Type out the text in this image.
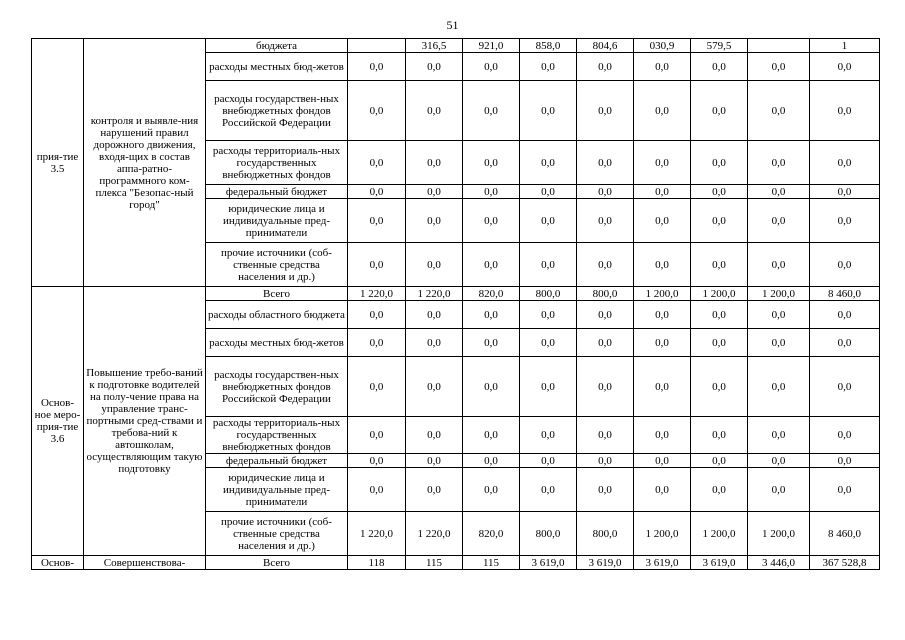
51
прия-тие 3.5	контроля и выявле-ния нарушений правил дорожного движения, входя-щих в состав аппа-ратно-программного ком-плекса "Безопас-ный город"	бюджета		316,5	921,0	858,0	804,6	030,9	579,5		1
		расходы местных бюд-жетов	0,0	0,0	0,0	0,0	0,0	0,0	0,0	0,0	0,0
		расходы государствен-ных внебюджетных фондов Российской Федерации	0,0	0,0	0,0	0,0	0,0	0,0	0,0	0,0	0,0
		расходы территориаль-ных государственных внебюджетных фондов	0,0	0,0	0,0	0,0	0,0	0,0	0,0	0,0	0,0
		федеральный бюджет	0,0	0,0	0,0	0,0	0,0	0,0	0,0	0,0	0,0
		юридические лица и индивидуальные пред-приниматели	0,0	0,0	0,0	0,0	0,0	0,0	0,0	0,0	0,0
		прочие источники (соб-ственные средства населения и др.)	0,0	0,0	0,0	0,0	0,0	0,0	0,0	0,0	0,0
Основ-ное меро-прия-тие 3.6	Повышение требо-ваний к подготовке водителей на полу-чение права на управление транс-портными сред-ствами и требова-ний к автошколам, осуществляющим такую подготовку	Всего	1 220,0	1 220,0	820,0	800,0	800,0	1 200,0	1 200,0	1 200,0	8 460,0
		расходы областного бюджета	0,0	0,0	0,0	0,0	0,0	0,0	0,0	0,0	0,0
		расходы местных бюд-жетов	0,0	0,0	0,0	0,0	0,0	0,0	0,0	0,0	0,0
		расходы государствен-ных внебюджетных фондов Российской Федерации	0,0	0,0	0,0	0,0	0,0	0,0	0,0	0,0	0,0
		расходы территориаль-ных государственных внебюджетных фондов	0,0	0,0	0,0	0,0	0,0	0,0	0,0	0,0	0,0
		федеральный бюджет	0,0	0,0	0,0	0,0	0,0	0,0	0,0	0,0	0,0
		юридические лица и индивидуальные пред-приниматели	0,0	0,0	0,0	0,0	0,0	0,0	0,0	0,0	0,0
		прочие источники (соб-ственные средства населения и др.)	1 220,0	1 220,0	820,0	800,0	800,0	1 200,0	1 200,0	1 200,0	8 460,0
Основ-	Совершенствова-	Всего	118	115	115	3 619,0	3 619,0	3 619,0	3 619,0	3 446,0	367 528,8
